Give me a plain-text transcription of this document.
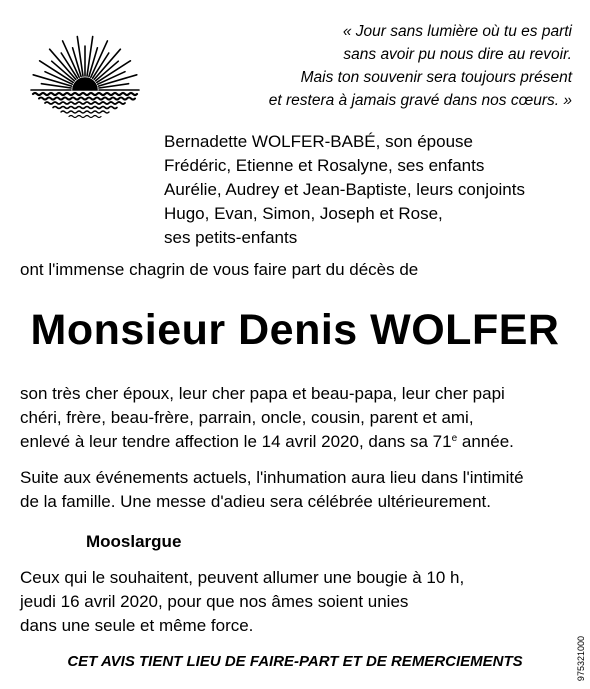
« Jour sans lumière où tu es parti
sans avoir pu nous dire au revoir.
Mais ton souvenir sera toujours présent
et restera à jamais gravé dans nos cœurs. »
Bernadette WOLFER-BABÉ, son épouse
Frédéric, Etienne et Rosalyne, ses enfants
Aurélie, Audrey et Jean-Baptiste, leurs conjoints
Hugo, Evan, Simon, Joseph et Rose,
ses petits-enfants
ont l'immense chagrin de vous faire part du décès de
Monsieur Denis WOLFER
son très cher époux, leur cher papa et beau-papa, leur cher papi
chéri, frère, beau-frère, parrain, oncle, cousin, parent et ami,
enlevé à leur tendre affection le 14 avril 2020, dans sa 71e année.
Suite aux événements actuels, l'inhumation aura lieu dans l'intimité
de la famille. Une messe d'adieu sera célébrée ultérieurement.
Mooslargue
Ceux qui le souhaitent, peuvent allumer une bougie à 10 h,
jeudi 16 avril 2020, pour que nos âmes soient unies
dans une seule et même force.
CET AVIS TIENT LIEU DE FAIRE-PART ET DE REMERCIEMENTS	975321000
